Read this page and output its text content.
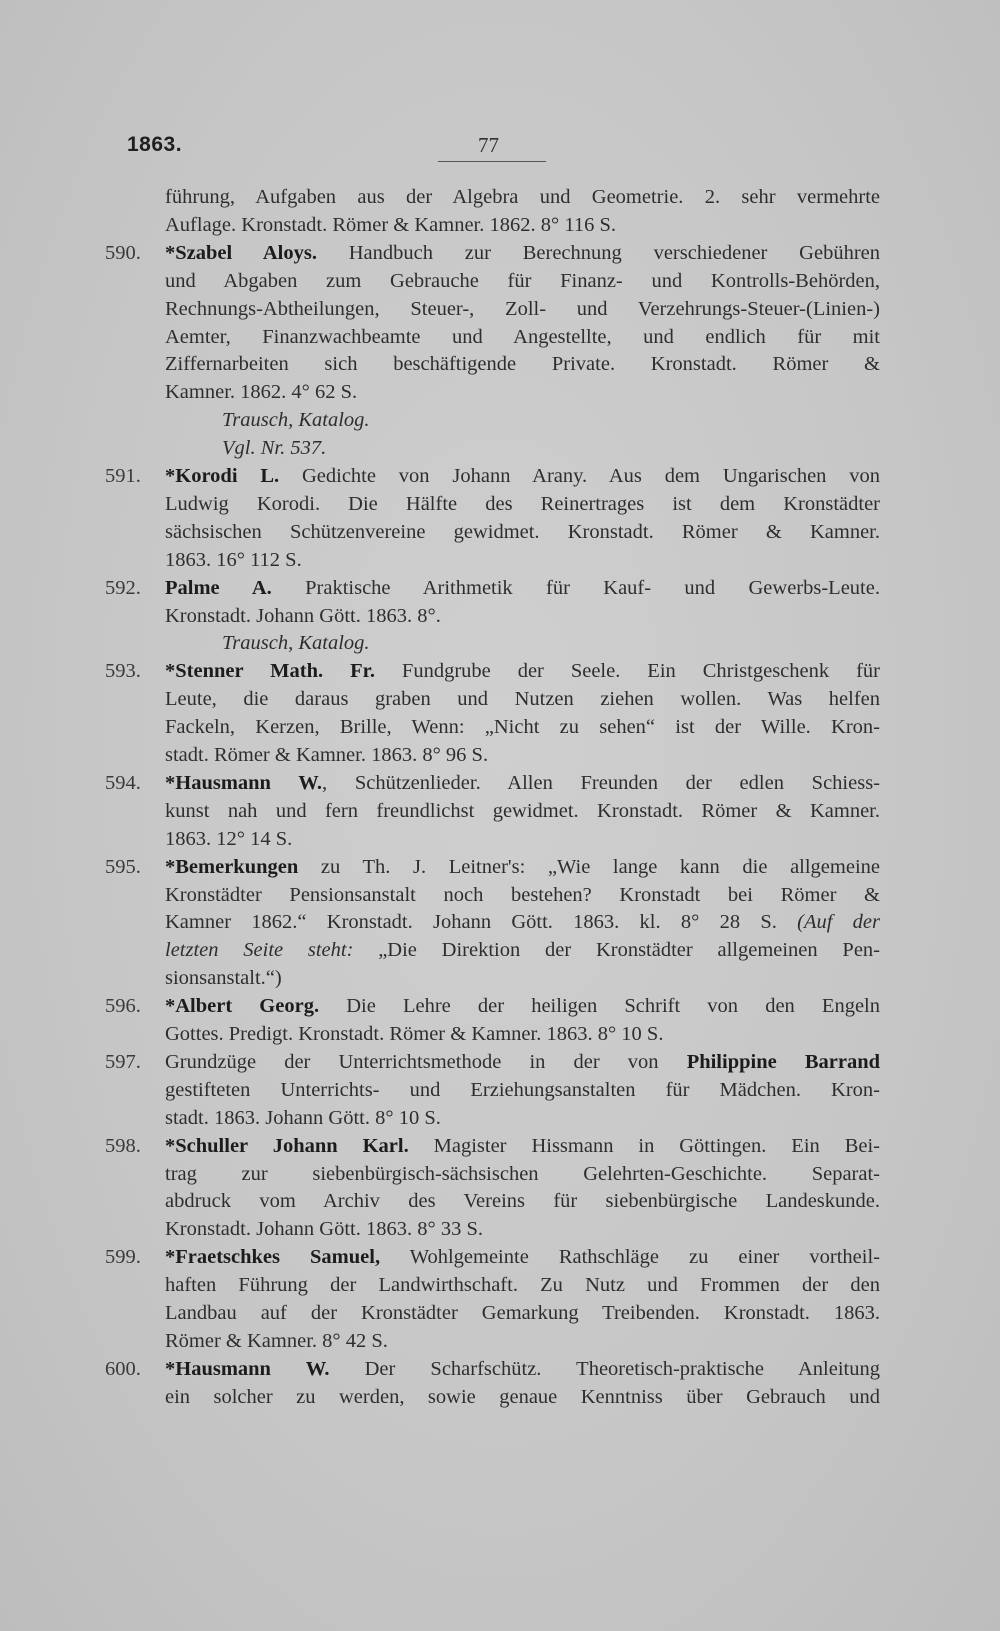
1863.	77
führung, Aufgaben aus der Algebra und Geometrie. 2. sehr vermehrte
Auflage. Kronstadt. Römer & Kamner. 1862. 8° 116 S.
590. *Szabel Aloys. Handbuch zur Berechnung verschiedener Gebühren
und Abgaben zum Gebrauche für Finanz- und Kontrolls-Behörden,
Rechnungs-Abtheilungen, Steuer-, Zoll- und Verzehrungs-Steuer-(Linien-)
Aemter, Finanzwachbeamte und Angestellte, und endlich für mit
Ziffernarbeiten sich beschäftigende Private. Kronstadt. Römer &
Kamner. 1862. 4° 62 S.
Trausch, Katalog.
Vgl. Nr. 537.
591. *Korodi L. Gedichte von Johann Arany. Aus dem Ungarischen von
Ludwig Korodi. Die Hälfte des Reinertrages ist dem Kronstädter
sächsischen Schützenvereine gewidmet. Kronstadt. Römer & Kamner.
1863. 16° 112 S.
592. Palme A. Praktische Arithmetik für Kauf- und Gewerbs-Leute.
Kronstadt. Johann Gött. 1863. 8°.
Trausch, Katalog.
593. *Stenner Math. Fr. Fundgrube der Seele. Ein Christgeschenk für
Leute, die daraus graben und Nutzen ziehen wollen. Was helfen
Fackeln, Kerzen, Brille, Wenn: „Nicht zu sehen“ ist der Wille. Kron-
stadt. Römer & Kamner. 1863. 8° 96 S.
594. *Hausmann W., Schützenlieder. Allen Freunden der edlen Schiess-
kunst nah und fern freundlichst gewidmet. Kronstadt. Römer & Kamner.
1863. 12° 14 S.
595. *Bemerkungen zu Th. J. Leitner's: „Wie lange kann die allgemeine
Kronstädter Pensionsanstalt noch bestehen? Kronstadt bei Römer &
Kamner 1862.“ Kronstadt. Johann Gött. 1863. kl. 8° 28 S. (Auf der
letzten Seite steht: „Die Direktion der Kronstädter allgemeinen Pen-
sionsanstalt.“)
596. *Albert Georg. Die Lehre der heiligen Schrift von den Engeln
Gottes. Predigt. Kronstadt. Römer & Kamner. 1863. 8° 10 S.
597. Grundzüge der Unterrichtsmethode in der von Philippine Barrand
gestifteten Unterrichts- und Erziehungsanstalten für Mädchen. Kron-
stadt. 1863. Johann Gött. 8° 10 S.
598. *Schuller Johann Karl. Magister Hissmann in Göttingen. Ein Bei-
trag zur siebenbürgisch-sächsischen Gelehrten-Geschichte. Separat-
abdruck vom Archiv des Vereins für siebenbürgische Landeskunde.
Kronstadt. Johann Gött. 1863. 8° 33 S.
599. *Fraetschkes Samuel, Wohlgemeinte Rathschläge zu einer vortheil-
haften Führung der Landwirthschaft. Zu Nutz und Frommen der den
Landbau auf der Kronstädter Gemarkung Treibenden. Kronstadt. 1863.
Römer & Kamner. 8° 42 S.
600. *Hausmann W. Der Scharfschütz. Theoretisch-praktische Anleitung
ein solcher zu werden, sowie genaue Kenntniss über Gebrauch und
